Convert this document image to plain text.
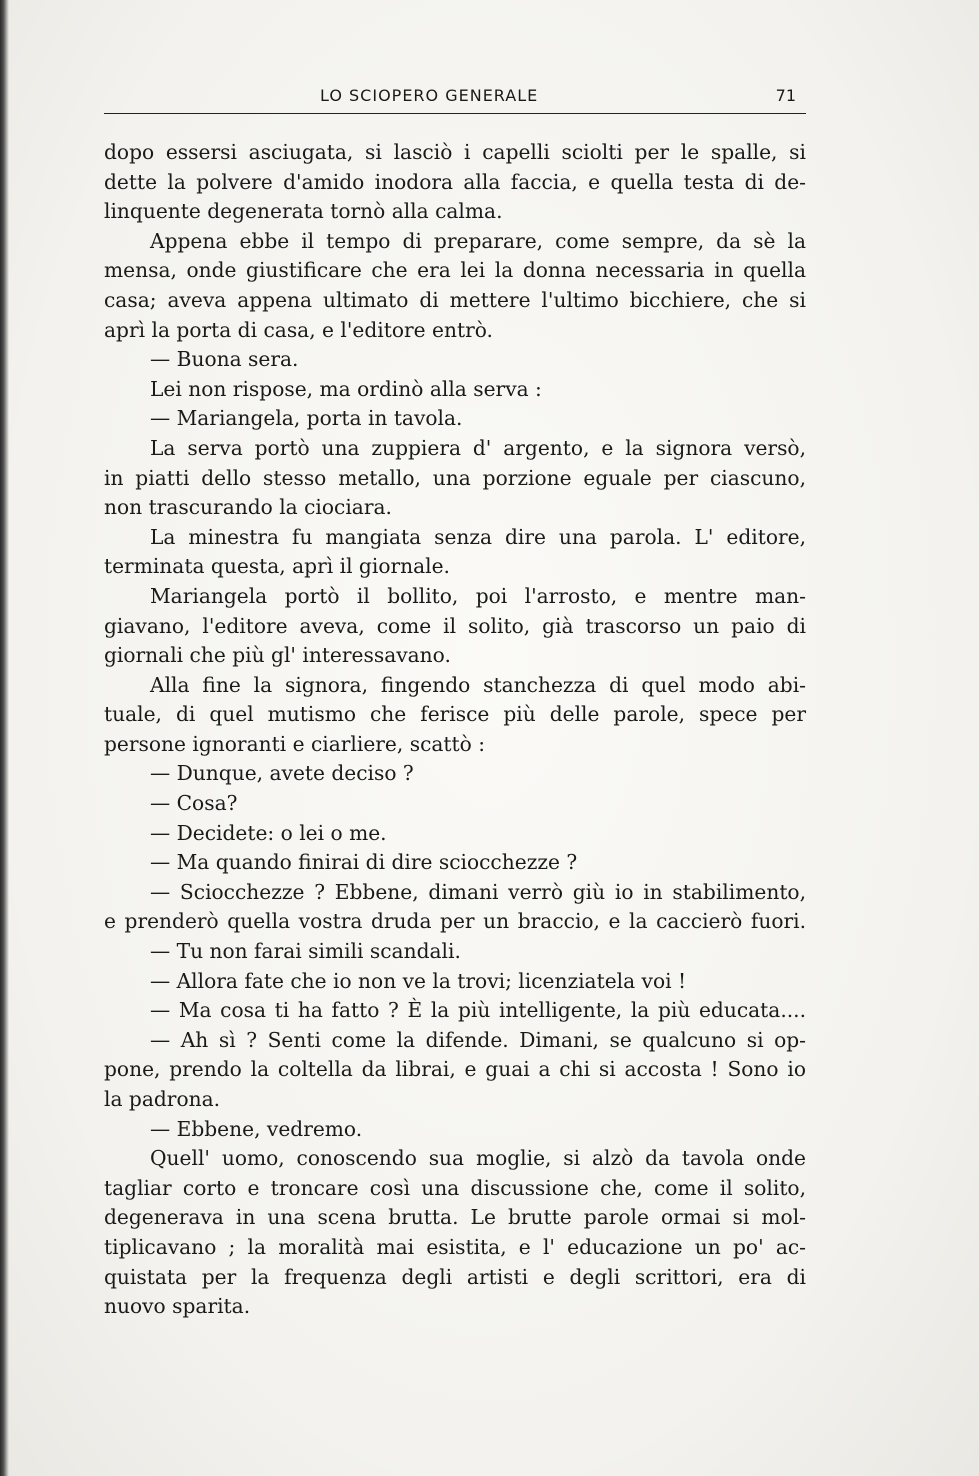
LO SCIOPERO GENERALE	71
dopo essersi asciugata, si lasciò i capelli sciolti per le spalle, si
dette la polvere d'amido inodora alla faccia, e quella testa di de-
linquente degenerata tornò alla calma.
Appena ebbe il tempo di preparare, come sempre, da sè la
mensa, onde giustificare che era lei la donna necessaria in quella
casa; aveva appena ultimato di mettere l'ultimo bicchiere, che si
aprì la porta di casa, e l'editore entrò.
— Buona sera.
Lei non rispose, ma ordinò alla serva :
— Mariangela, porta in tavola.
La serva portò una zuppiera d' argento, e la signora versò,
in piatti dello stesso metallo, una porzione eguale per ciascuno,
non trascurando la ciociara.
La minestra fu mangiata senza dire una parola. L' editore,
terminata questa, aprì il giornale.
Mariangela portò il bollito, poi l'arrosto, e mentre man-
giavano, l'editore aveva, come il solito, già trascorso un paio di
giornali che più gl' interessavano.
Alla fine la signora, fingendo stanchezza di quel modo abi-
tuale, di quel mutismo che ferisce più delle parole, spece per
persone ignoranti e ciarliere, scattò :
— Dunque, avete deciso ?
— Cosa?
— Decidete: o lei o me.
— Ma quando finirai di dire sciocchezze ?
— Sciocchezze ? Ebbene, dimani verrò giù io in stabilimento,
e prenderò quella vostra druda per un braccio, e la caccierò fuori.
— Tu non farai simili scandali.
— Allora fate che io non ve la trovi; licenziatela voi !
— Ma cosa ti ha fatto ? È la più intelligente, la più educata....
— Ah sì ? Senti come la difende. Dimani, se qualcuno si op-
pone, prendo la coltella da librai, e guai a chi si accosta ! Sono io
la padrona.
— Ebbene, vedremo.
Quell' uomo, conoscendo sua moglie, si alzò da tavola onde
tagliar corto e troncare così una discussione che, come il solito,
degenerava in una scena brutta. Le brutte parole ormai si mol-
tiplicavano ; la moralità mai esistita, e l' educazione un po' ac-
quistata per la frequenza degli artisti e degli scrittori, era di
nuovo sparita.
